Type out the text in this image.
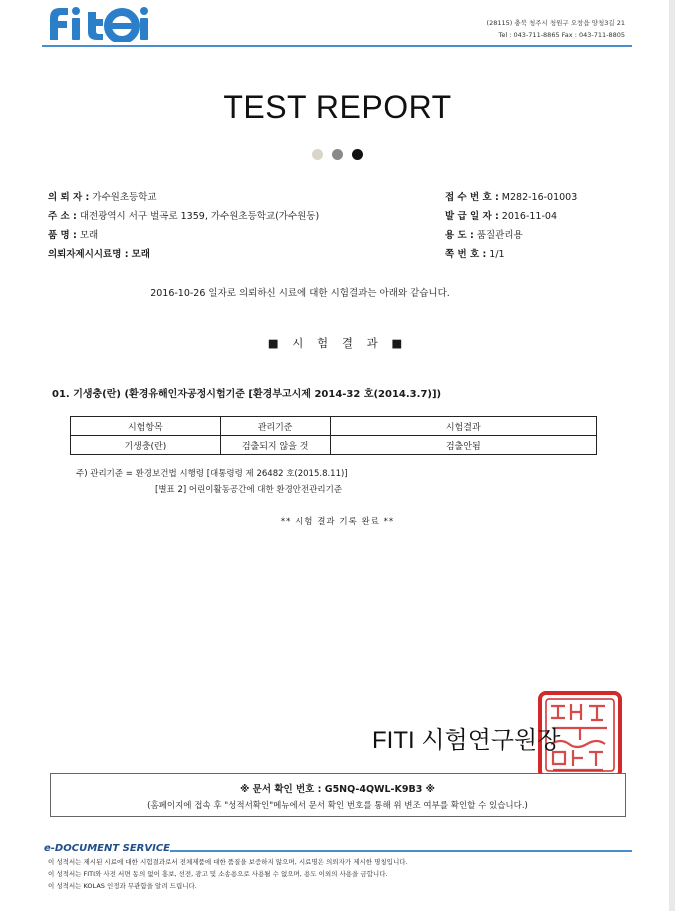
(28115) 충북 청주시 청원구 오창읍 양청3길 21
Tel : 043-711-8865 Fax : 043-711-8805
TEST REPORT
의 뢰 자 : 가수원초등학교
주 소 : 대전광역시 서구 벌곡로 1359, 가수원초등학교(가수원동)
품 명 : 모래
의뢰자제시시료명 : 모래
접 수 번 호 : M282-16-01003
발 급 일 자 : 2016-11-04
용 도 : 품질관리용
쪽 번 호 : 1/1
2016-10-26 일자로 의뢰하신 시료에 대한 시험결과는 아래와 같습니다.
■ 시 험 결 과 ■
01. 기생충(란) (환경유해인자공정시험기준 [환경부고시제 2014-32 호(2014.3.7)])
시험항목	관리기준	시험결과
기생충(란)	검출되지 않을 것	검출안됨
주) 관리기준 = 환경보건법 시행령 [대통령령 제 26482 호(2015.8.11)]
[별표 2] 어린이활동공간에 대한 환경안전관리기준
** 시험 결과 기록 완료 **
FITI 시험연구원장
※ 문서 확인 번호 : G5NQ-4QWL-K9B3 ※
(홈페이지에 접속 후 "성적서확인"메뉴에서 문서 확인 번호를 통해 위 변조 여부를 확인할 수 있습니다.)
e-DOCUMENT SERVICE
이 성적서는 제시된 시료에 대한 시험결과로서 전체제품에 대한 품질을 보증하지 않으며, 시료명은 의뢰자가 제시한 명칭입니다.
이 성적서는 FITI와 사전 서면 동의 없이 홍보, 선전, 광고 및 소송용으로 사용될 수 없으며, 용도 이외의 사용을 금합니다.
이 성적서는 KOLAS 인정과 무관함을 알려 드립니다.
